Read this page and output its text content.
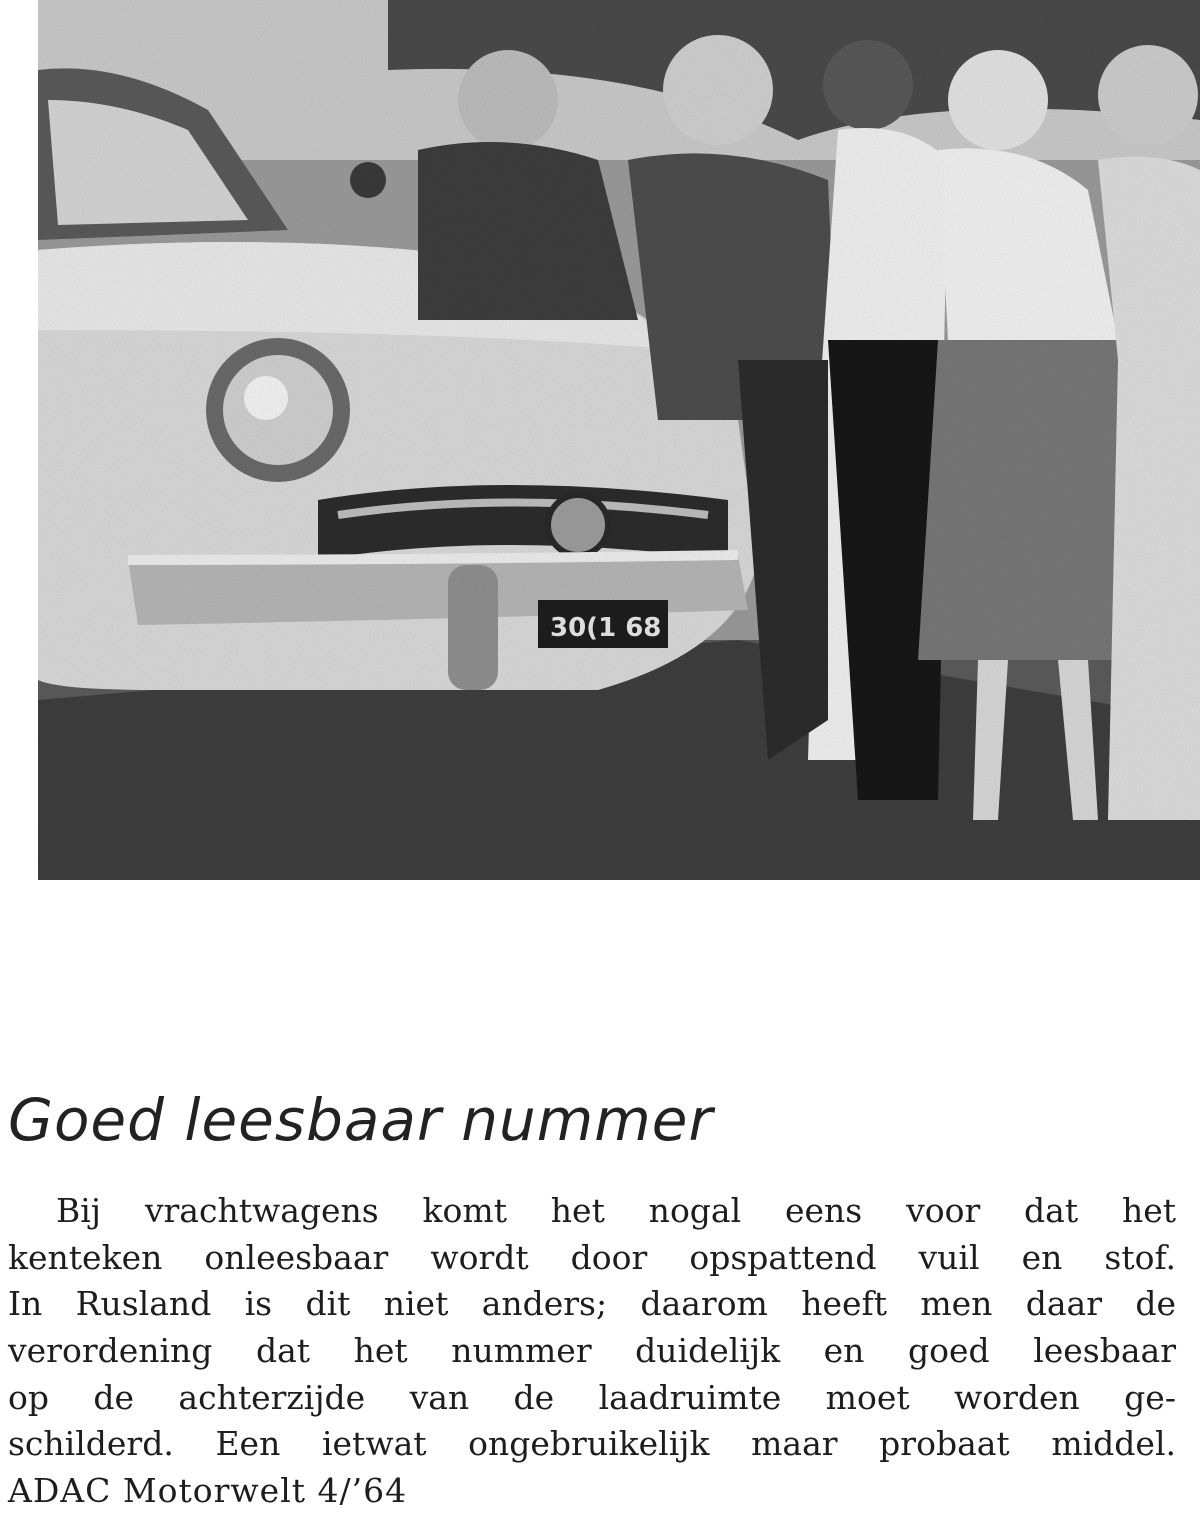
30(1 68
Goed leesbaar nummer
Bij vrachtwagens komt het nogal eens voor dat het
kenteken onleesbaar wordt door opspattend vuil en stof.
In Rusland is dit niet anders; daarom heeft men daar de
verordening dat het nummer duidelijk en goed leesbaar
op de achterzijde van de laadruimte moet worden ge-
schilderd. Een ietwat ongebruikelijk maar probaat middel.
ADAC Motorwelt 4/’64
